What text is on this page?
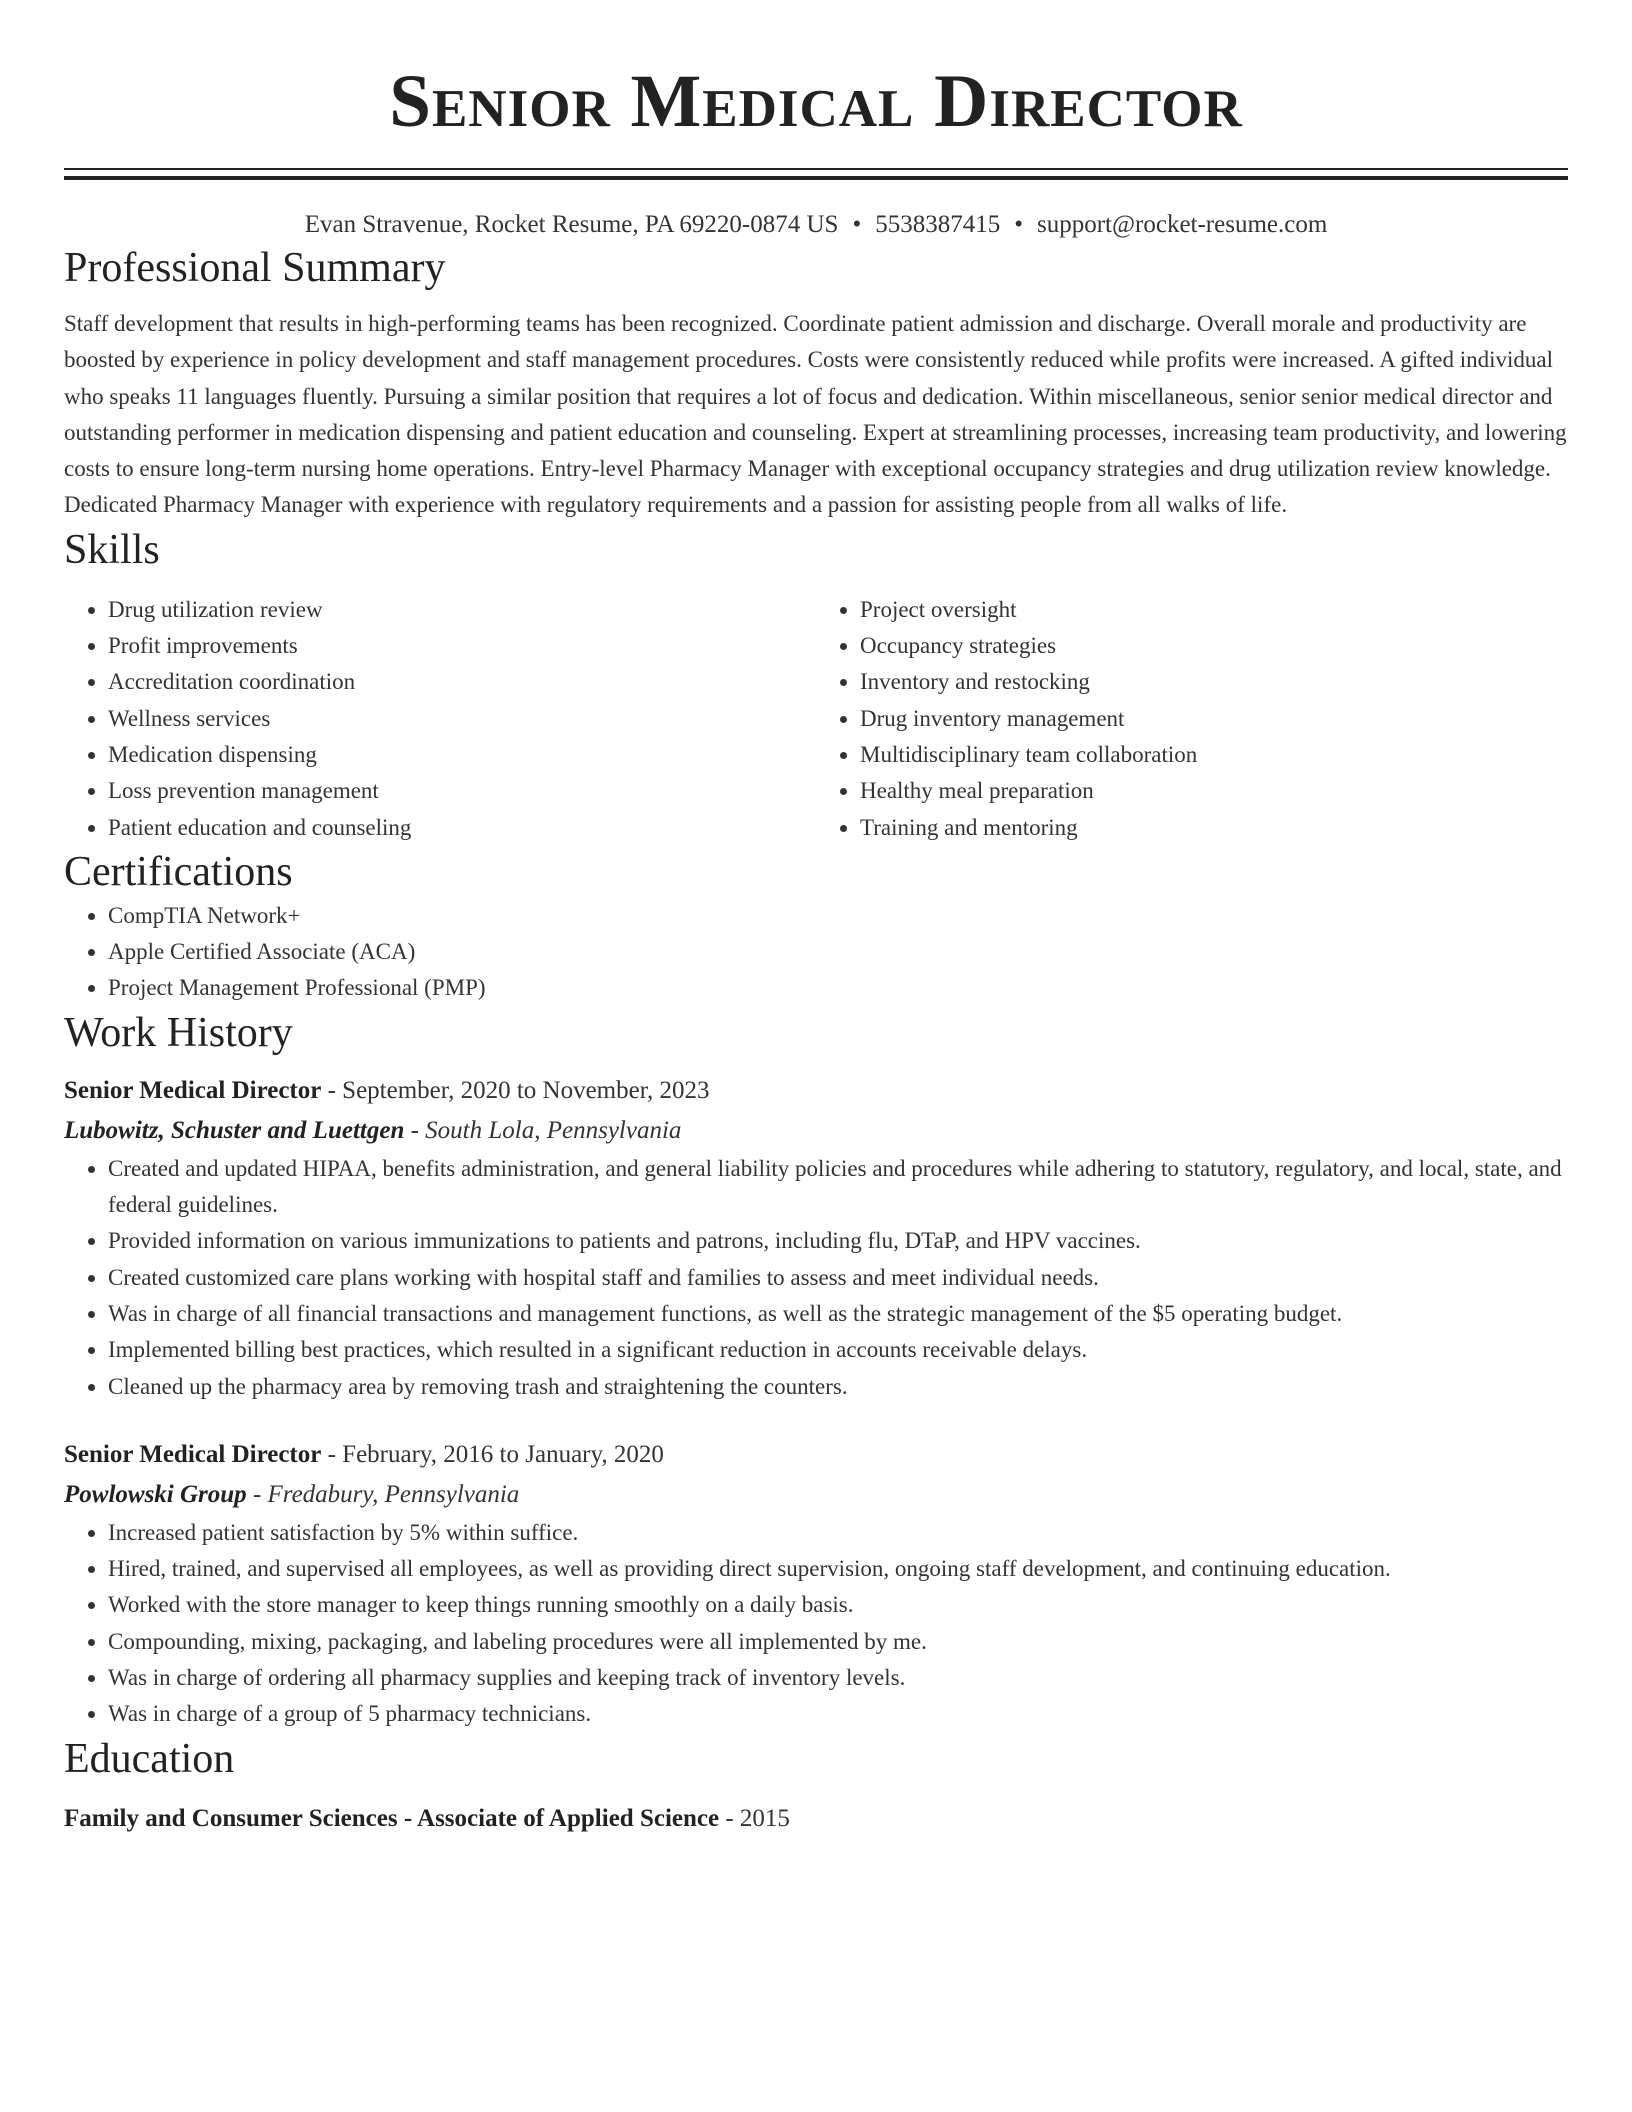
Senior Medical Director
Evan Stravenue, Rocket Resume, PA 69220-0874 US • 5538387415 • support@rocket-resume.com
Professional Summary

Staff development that results in high-performing teams has been recognized. Coordinate patient admission and discharge. Overall morale and productivity are boosted by experience in policy development and staff management procedures. Costs were consistently reduced while profits were increased. A gifted individual who speaks 11 languages fluently. Pursuing a similar position that requires a lot of focus and dedication. Within miscellaneous, senior senior medical director and outstanding performer in medication dispensing and patient education and counseling. Expert at streamlining processes, increasing team productivity, and lowering costs to ensure long-term nursing home operations. Entry-level Pharmacy Manager with exceptional occupancy strategies and drug utilization review knowledge. Dedicated Pharmacy Manager with experience with regulatory requirements and a passion for assisting people from all walks of life.

Skills
• Drug utilization review
• Profit improvements
• Accreditation coordination
• Wellness services
• Medication dispensing
• Loss prevention management
• Patient education and counseling
• Project oversight
• Occupancy strategies
• Inventory and restocking
• Drug inventory management
• Multidisciplinary team collaboration
• Healthy meal preparation
• Training and mentoring
Certifications
• CompTIA Network+
• Apple Certified Associate (ACA)
• Project Management Professional (PMP)
Work History
Senior Medical Director - September, 2020 to November, 2023
Lubowitz, Schuster and Luettgen - South Lola, Pennsylvania
• Created and updated HIPAA, benefits administration, and general liability policies and procedures while adhering to statutory, regulatory, and local, state, and federal guidelines.
• Provided information on various immunizations to patients and patrons, including flu, DTaP, and HPV vaccines.
• Created customized care plans working with hospital staff and families to assess and meet individual needs.
• Was in charge of all financial transactions and management functions, as well as the strategic management of the $5 operating budget.
• Implemented billing best practices, which resulted in a significant reduction in accounts receivable delays.
• Cleaned up the pharmacy area by removing trash and straightening the counters.
Senior Medical Director - February, 2016 to January, 2020
Powlowski Group - Fredabury, Pennsylvania
• Increased patient satisfaction by 5% within suffice.
• Hired, trained, and supervised all employees, as well as providing direct supervision, ongoing staff development, and continuing education.
• Worked with the store manager to keep things running smoothly on a daily basis.
• Compounding, mixing, packaging, and labeling procedures were all implemented by me.
• Was in charge of ordering all pharmacy supplies and keeping track of inventory levels.
• Was in charge of a group of 5 pharmacy technicians.
Education
Family and Consumer Sciences - Associate of Applied Science - 2015
